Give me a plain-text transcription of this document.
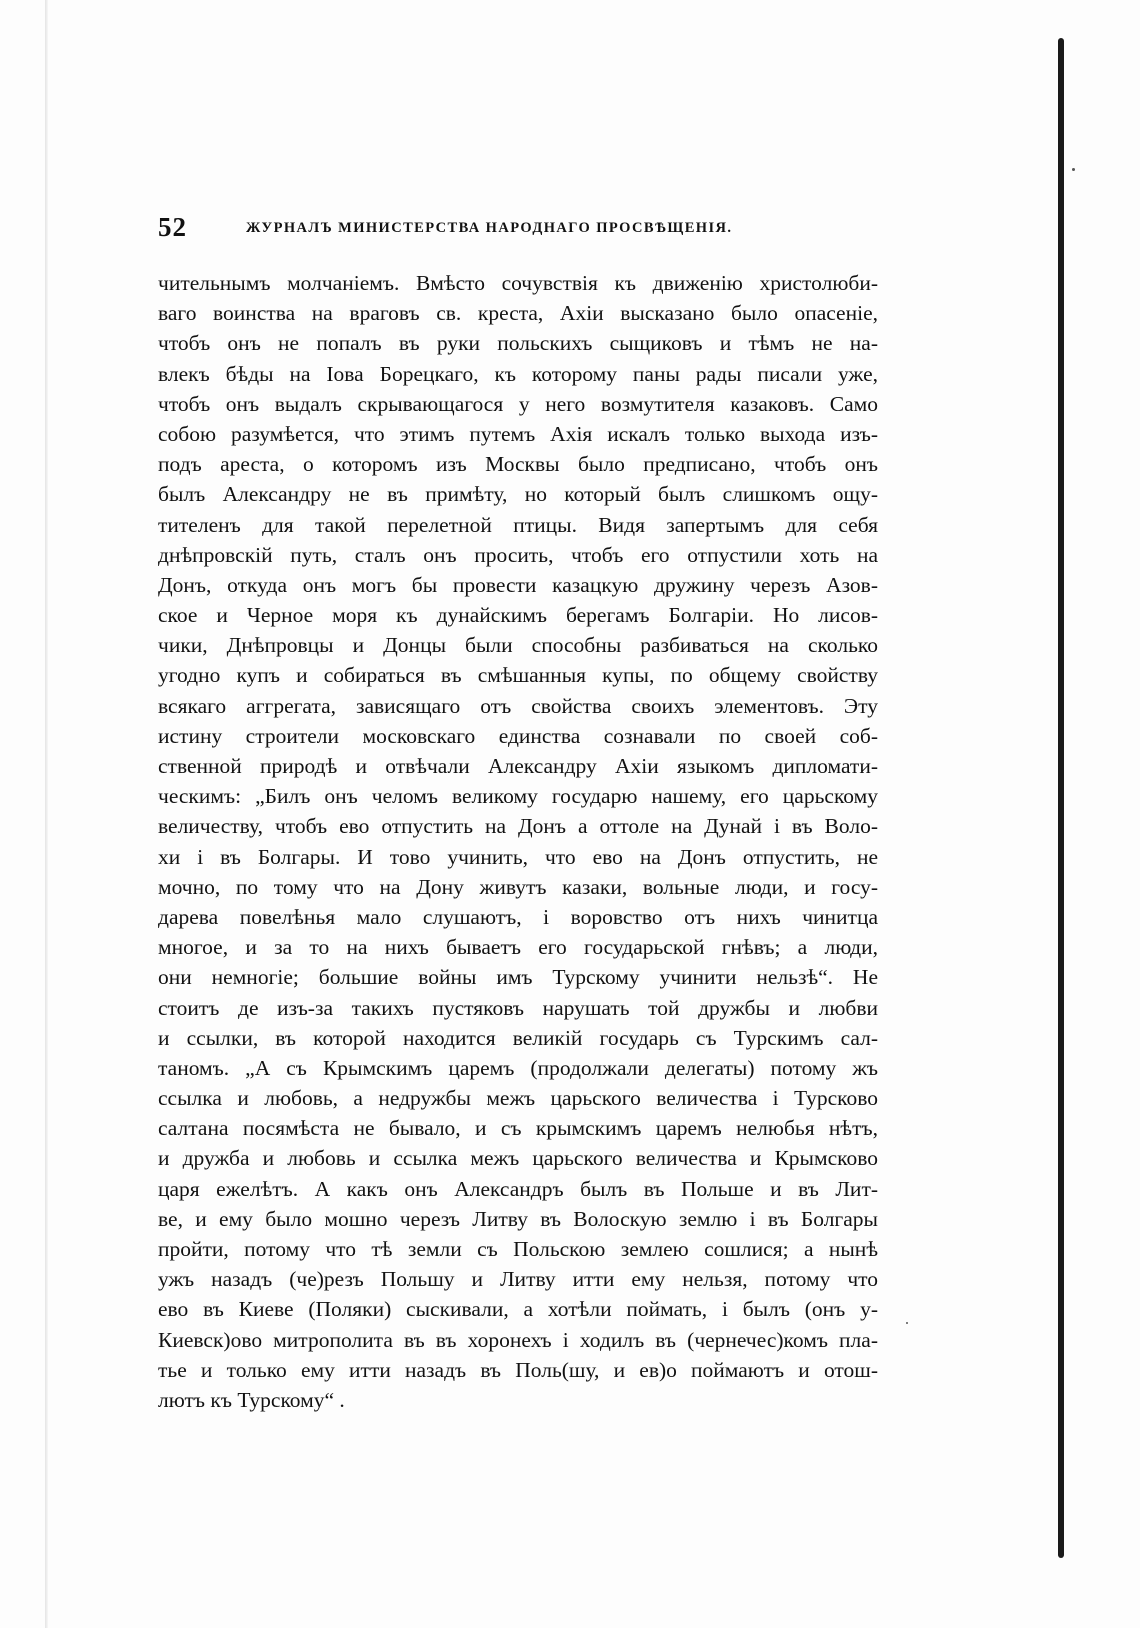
52	ЖУРНАЛЪ МИНИСТЕРСТВА НАРОДНАГО ПРОСВѢЩЕНІЯ.
чительнымъ молчаніемъ. Вмѣсто сочувствія къ движенію христолюби-
ваго воинства на враговъ св. креста, Ахіи высказано было опасеніе,
чтобъ онъ не попалъ въ руки польскихъ сыщиковъ и тѣмъ не на-
влекъ бѣды на Іова Борецкаго, къ которому паны рады писали уже,
чтобъ онъ выдалъ скрывающагося у него возмутителя казаковъ. Само
собою разумѣется, что этимъ путемъ Ахія искалъ только выхода изъ-
подъ ареста, о которомъ изъ Москвы было предписано, чтобъ онъ
былъ Александру не въ примѣту, но который былъ слишкомъ ощу-
тителенъ для такой перелетной птицы. Видя запертымъ для себя
днѣпровскій путь, сталъ онъ просить, чтобъ его отпустили хоть на
Донъ, откуда онъ могъ бы провести казацкую дружину черезъ Азов-
ское и Черное моря къ дунайскимъ берегамъ Болгаріи. Но лисов-
чики, Днѣпровцы и Донцы были способны разбиваться на сколько
угодно купъ и собираться въ смѣшанныя купы, по общему свойству
всякаго аггрегата, зависящаго отъ свойства своихъ элементовъ. Эту
истину строители московскаго единства сознавали по своей соб-
ственной природѣ и отвѣчали Александру Ахіи языкомъ дипломати-
ческимъ: „Билъ онъ челомъ великому государю нашему, его царьскому
величеству, чтобъ ево отпустить на Донъ а оттоле на Дунай і въ Воло-
хи і въ Болгары. И тово учинить, что ево на Донъ отпустить, не
мочно, по тому что на Дону живутъ казаки, вольные люди, и госу-
дарева повелѣнья мало слушаютъ, і воровство отъ нихъ чинитца
многое, и за то на нихъ бываетъ его государьской гнѣвъ; а люди,
они немногіе; большие войны имъ Турскому учинити нельзѣ“. Не
стоитъ де изъ-за такихъ пустяковъ нарушать той дружбы и любви
и ссылки, въ которой находится великій государь съ Турскимъ сал-
таномъ. „А съ Крымскимъ царемъ (продолжали делегаты) потому жъ
ссылка и любовь, а недружбы межъ царьского величества і Турсково
салтана посямѣста не бывало, и съ крымскимъ царемъ нелюбья нѣтъ,
и дружба и любовь и ссылка межъ царьского величества и Крымсково
царя ежелѣтъ. А какъ онъ Александръ былъ въ Польше и въ Лит-
ве, и ему было мошно черезъ Литву въ Волоскую землю і въ Болгары
пройти, потому что тѣ земли съ Польскою землею сошлися; а нынѣ
ужъ назадъ (че)резъ Польшу и Литву итти ему нельзя, потому что
ево въ Киеве (Поляки) сыскивали, а хотѣли поймать, і былъ (онъ у-
Киевск)ово митрополита въ въ хоронехъ і ходилъ въ (чернечес)комъ пла-
тье и только ему итти назадъ въ Поль(шу, и ев)о поймаютъ и отош-
лютъ къ Турскому“ .
